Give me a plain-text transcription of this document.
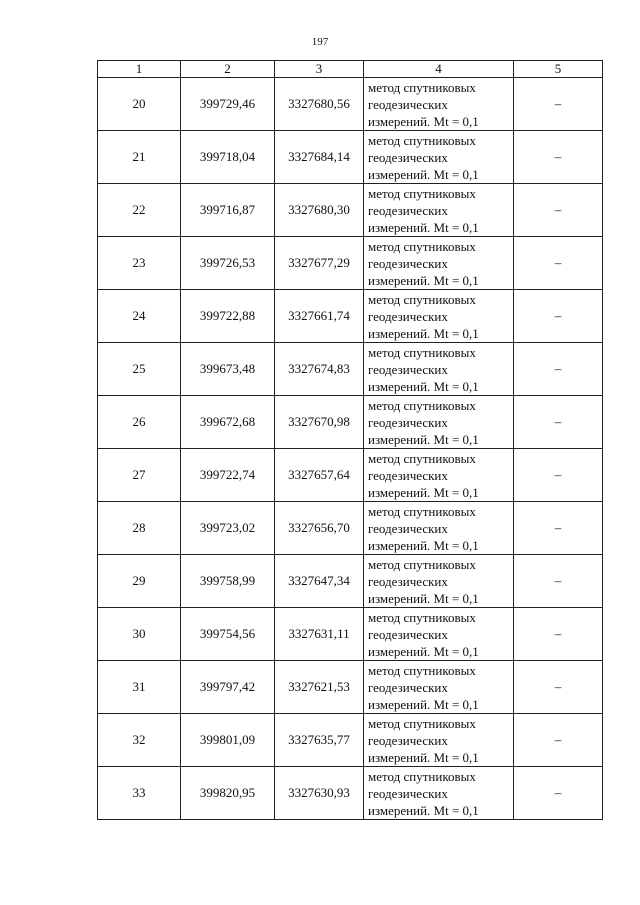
197
1	2	3	4	5
20	399729,46	3327680,56	метод спутниковых
геодезических
измерений. Mt = 0,1	–
21	399718,04	3327684,14	метод спутниковых
геодезических
измерений. Mt = 0,1	–
22	399716,87	3327680,30	метод спутниковых
геодезических
измерений. Mt = 0,1	–
23	399726,53	3327677,29	метод спутниковых
геодезических
измерений. Mt = 0,1	–
24	399722,88	3327661,74	метод спутниковых
геодезических
измерений. Mt = 0,1	–
25	399673,48	3327674,83	метод спутниковых
геодезических
измерений. Mt = 0,1	–
26	399672,68	3327670,98	метод спутниковых
геодезических
измерений. Mt = 0,1	–
27	399722,74	3327657,64	метод спутниковых
геодезических
измерений. Mt = 0,1	–
28	399723,02	3327656,70	метод спутниковых
геодезических
измерений. Mt = 0,1	–
29	399758,99	3327647,34	метод спутниковых
геодезических
измерений. Mt = 0,1	–
30	399754,56	3327631,11	метод спутниковых
геодезических
измерений. Mt = 0,1	–
31	399797,42	3327621,53	метод спутниковых
геодезических
измерений. Mt = 0,1	–
32	399801,09	3327635,77	метод спутниковых
геодезических
измерений. Mt = 0,1	–
33	399820,95	3327630,93	метод спутниковых
геодезических
измерений. Mt = 0,1	–
